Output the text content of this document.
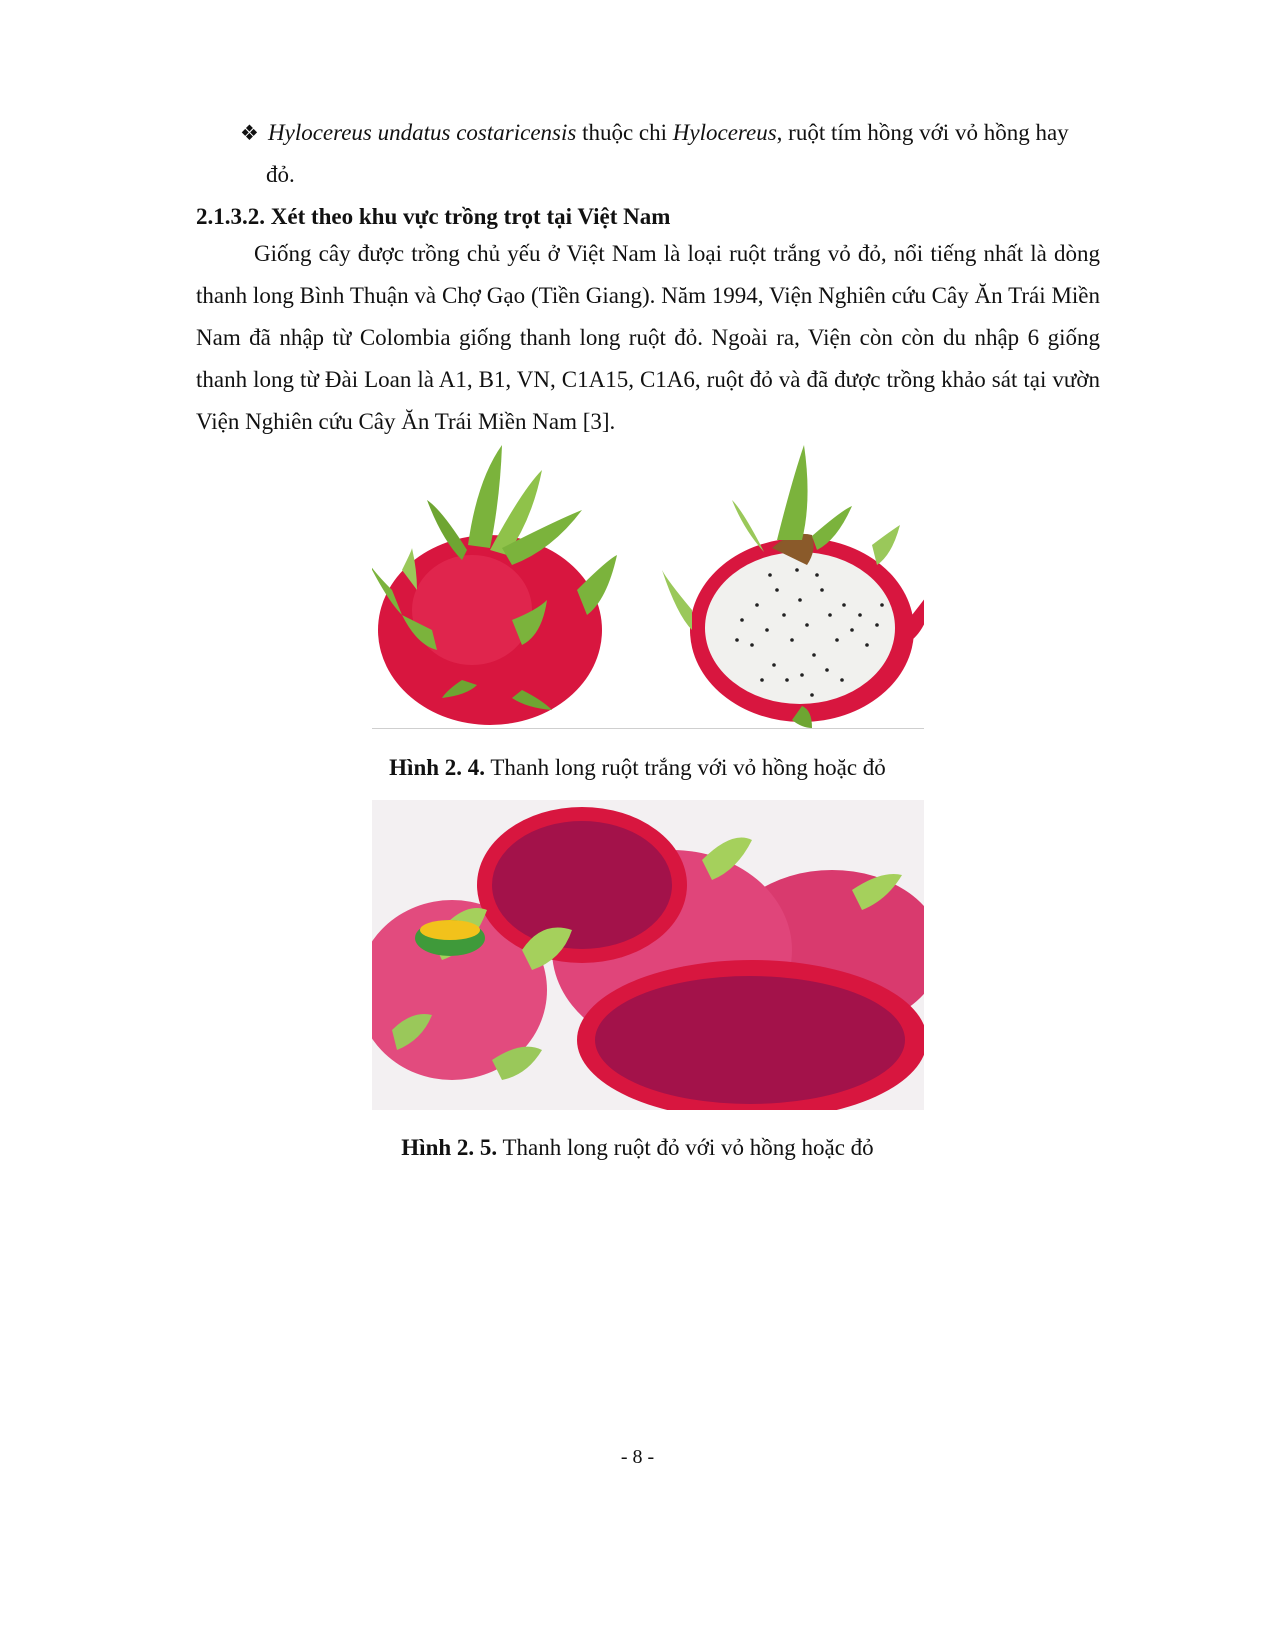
❖ Hylocereus undatus costaricensis thuộc chi Hylocereus, ruột tím hồng với vỏ hồng hay
đỏ.
2.1.3.2. Xét theo khu vực trồng trọt tại Việt Nam
Giống cây được trồng chủ yếu ở Việt Nam là loại ruột trắng vỏ đỏ, nổi tiếng nhất là dòng thanh long Bình Thuận và Chợ Gạo (Tiền Giang). Năm 1994, Viện Nghiên cứu Cây Ăn Trái Miền Nam đã nhập từ Colombia giống thanh long ruột đỏ. Ngoài ra, Viện còn còn du nhập 6 giống thanh long từ Đài Loan là A1, B1, VN, C1A15, C1A6, ruột đỏ và đã được trồng khảo sát tại vườn Viện Nghiên cứu Cây Ăn Trái Miền Nam [3].
Hình 2. 4. Thanh long ruột trắng với vỏ hồng hoặc đỏ
Hình 2. 5. Thanh long ruột đỏ với vỏ hồng hoặc đỏ
- 8 -
